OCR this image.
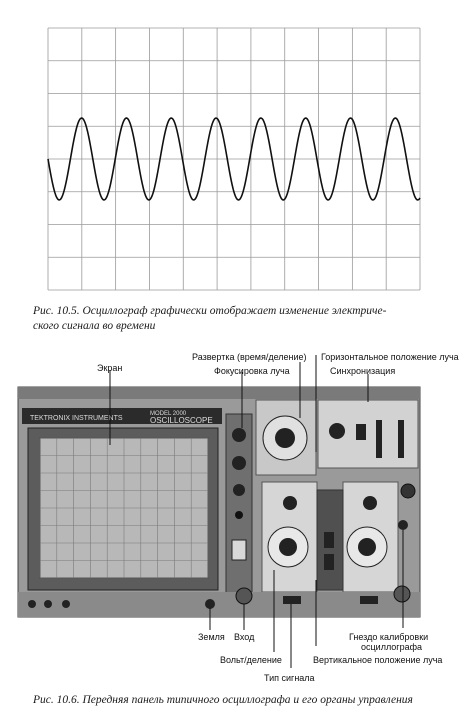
Рис. 10.5. Осциллограф графически отображает изменение электриче-
ского сигнала во времени
TEKTRONIX INSTRUMENTS
MODEL 2000
OSCILLOSCOPE
Развертка (время/деление) Горизонтальное положение луча
Экран	Фокусировка луча	Синхронизация
Земля Вход	Гнездо калибровки
осциллографа
Вертикальное положение луча
Вольт/деление
Тип сигнала
Рис. 10.6. Передняя панель типичного осциллографа и его органы управления
